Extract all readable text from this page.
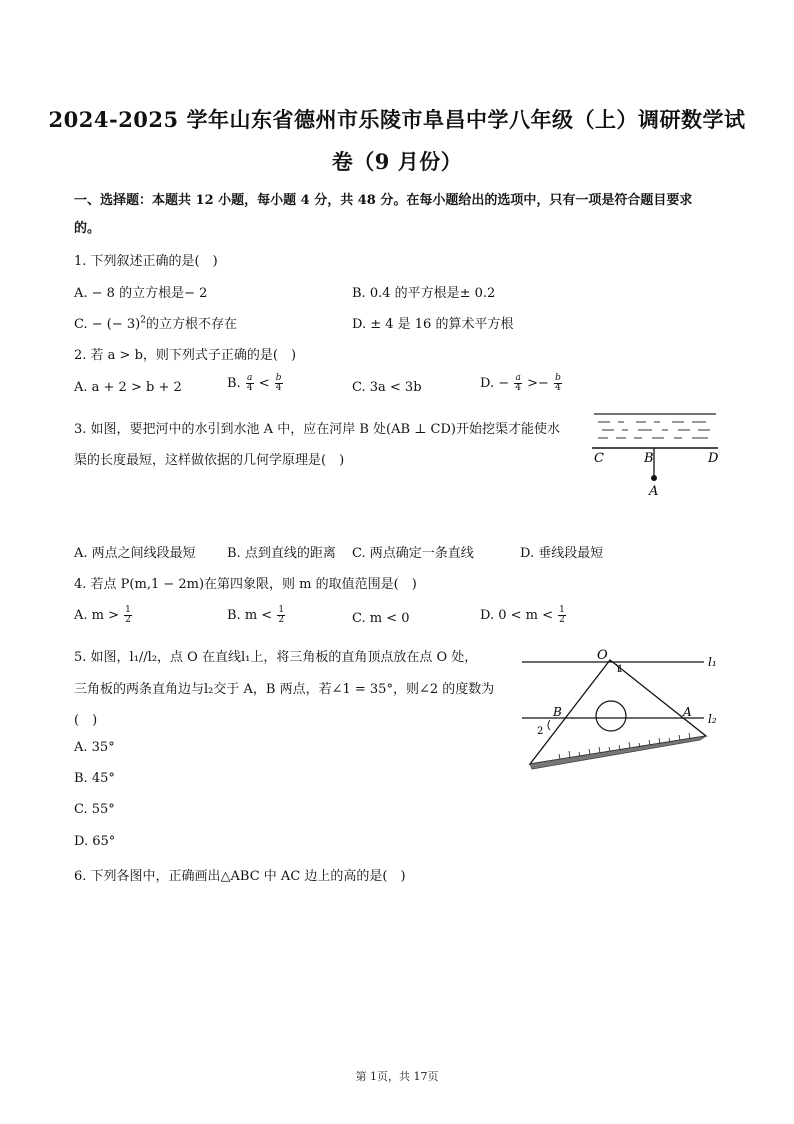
2024-2025 学年山东省德州市乐陵市阜昌中学八年级（上）调研数学试
卷（9 月份）
一、选择题：本题共 12 小题，每小题 4 分，共 48 分。在每小题给出的选项中，只有一项是符合题目要求
的。
1. 下列叙述正确的是(　)
A. − 8 的立方根是− 2	B. 0.4 的平方根是± 0.2
C. − (− 3)$^2$的立方根不存在	D. ± 4 是 16 的算术平方根
2. 若 a > b，则下列式子正确的是(　)
A. a + 2 > b + 2	B. $\frac{a}{4} < \frac{b}{4}$	C. 3a < 3b	D. − $\frac{a}{4} >- \frac{b}{4}$
3. 如图，要把河中的水引到水池 A 中，应在河岸 B 处(AB ⊥ CD)开始挖渠才能使水
渠的长度最短，这样做依据的几何学原理是(　)	C	B	D
A
A. 两点之间线段最短 B. 点到直线的距离 C. 两点确定一条直线	D. 垂线段最短
4. 若点 P(m,1 − 2m)在第四象限，则 m 的取值范围是(　)
A. $m > \frac{1}{2}$	B. $m < \frac{1}{2}$	C. m < 0	D. $0 < m < \frac{1}{2}$
5. 如图，l₁//l₂，点 O 在直线l₁上，将三角板的直角顶点放在点 O 处，
三角板的两条直角边与l₂交于 A，B 两点，若∠1 = 35°，则∠2 的度数为
(　)
A. 35°
B. 45°
C. 55°
D. 65°
O
1
l₁
l₂
B	A
2
6. 下列各图中，正确画出△ABC 中 AC 边上的高的是(　)
第 1页，共 17页
